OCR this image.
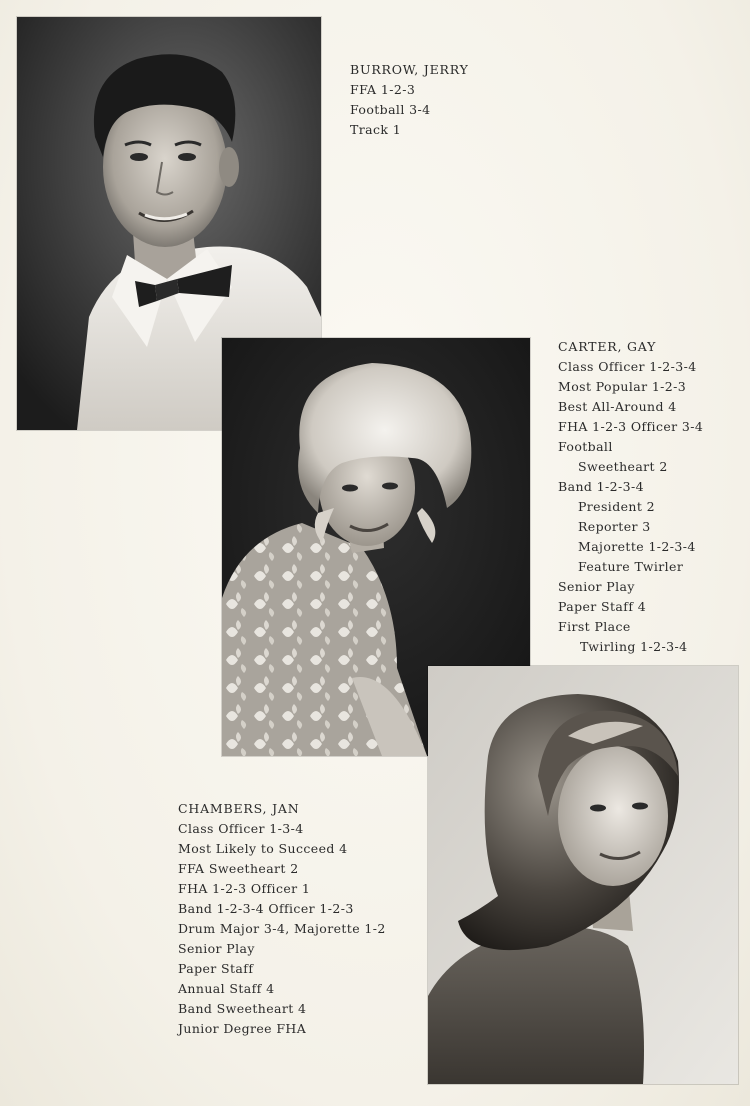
BURROW, JERRY
FFA 1-2-3
Football 3-4
Track 1
CARTER, GAY
Class Officer 1-2-3-4
Most Popular 1-2-3
Best All-Around 4
FHA 1-2-3 Officer 3-4
Football
Sweetheart 2
Band 1-2-3-4
President 2
Reporter 3
Majorette 1-2-3-4
Feature Twirler
Senior Play
Paper Staff 4
First Place
Twirling 1-2-3-4
CHAMBERS, JAN
Class Officer 1-3-4
Most Likely to Succeed 4
FFA Sweetheart 2
FHA 1-2-3 Officer 1
Band 1-2-3-4 Officer 1-2-3
Drum Major 3-4, Majorette 1-2
Senior Play
Paper Staff
Annual Staff 4
Band Sweetheart 4
Junior Degree FHA
